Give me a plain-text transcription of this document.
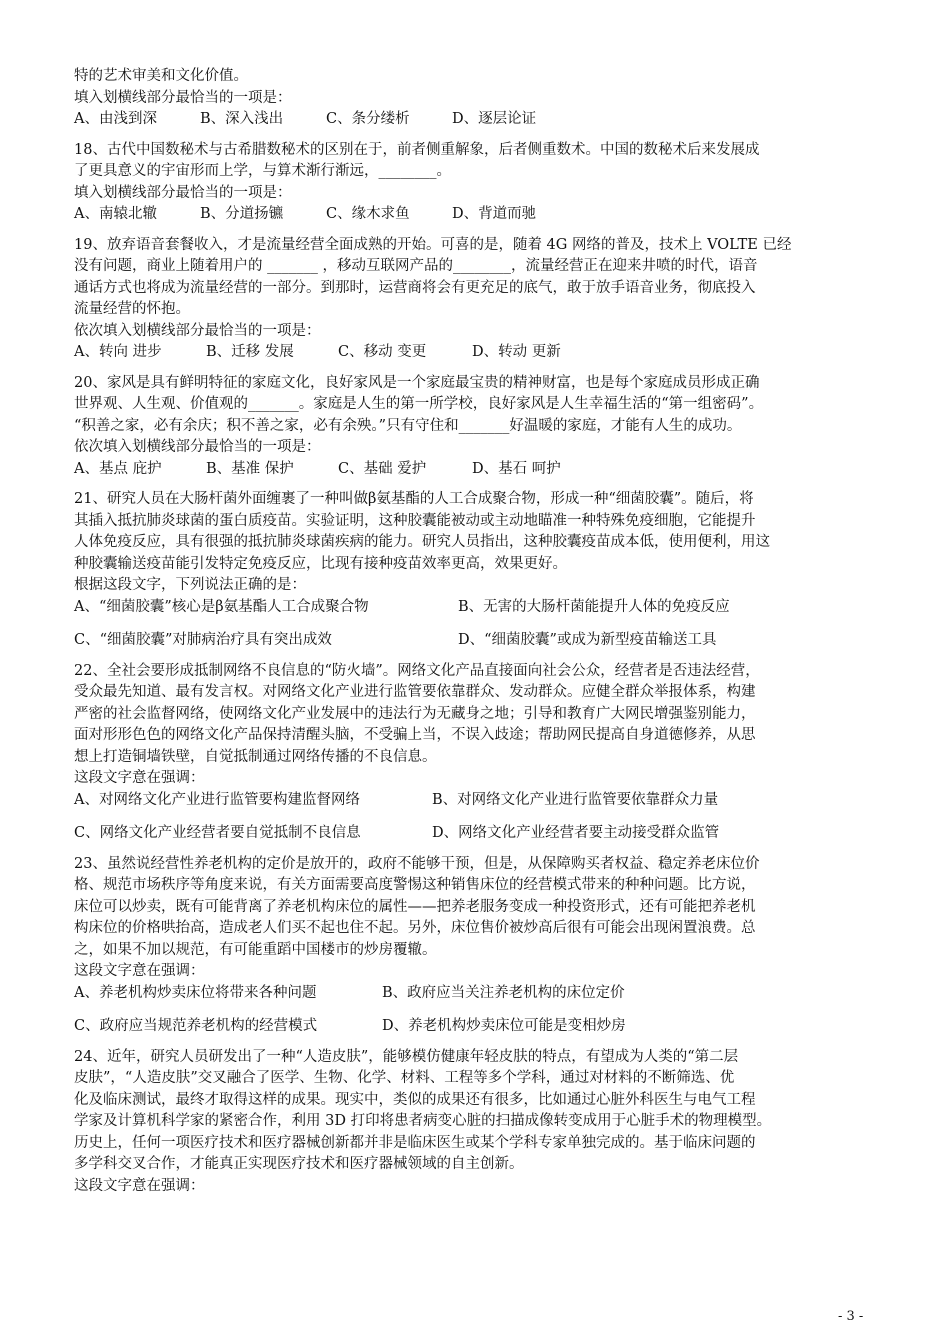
特的艺术审美和文化价值。
填入划横线部分最恰当的一项是：
A、由浅到深	B、深入浅出	C、条分缕析	D、逐层论证
18、古代中国数秘术与古希腊数秘术的区别在于，前者侧重解象，后者侧重数术。中国的数秘术后来发展成
了更具意义的宇宙形而上学，与算术渐行渐远，________。
填入划横线部分最恰当的一项是：
A、南辕北辙	B、分道扬镳	C、缘木求鱼	D、背道而驰
19、放弃语音套餐收入，才是流量经营全面成熟的开始。可喜的是，随着 4G 网络的普及，技术上 VOLTE 已经
没有问题，商业上随着用户的 _______ ，移动互联网产品的________，流量经营正在迎来井喷的时代，语音
通话方式也将成为流量经营的一部分。到那时，运营商将会有更充足的底气，敢于放手语音业务，彻底投入
流量经营的怀抱。
依次填入划横线部分最恰当的一项是：
A、转向 进步	B、迁移 发展	C、移动 变更	D、转动 更新
20、家风是具有鲜明特征的家庭文化，良好家风是一个家庭最宝贵的精神财富，也是每个家庭成员形成正确
世界观、人生观、价值观的_______。家庭是人生的第一所学校，良好家风是人生幸福生活的“第一组密码”。
“积善之家，必有余庆；积不善之家，必有余殃。”只有守住和_______好温暖的家庭，才能有人生的成功。
依次填入划横线部分最恰当的一项是：
A、基点 庇护	B、基准 保护	C、基础 爱护	D、基石 呵护
21、研究人员在大肠杆菌外面缠裹了一种叫做β氨基酯的人工合成聚合物，形成一种“细菌胶囊”。随后，将
其插入抵抗肺炎球菌的蛋白质疫苗。实验证明，这种胶囊能被动或主动地瞄准一种特殊免疫细胞，它能提升
人体免疫反应，具有很强的抵抗肺炎球菌疾病的能力。研究人员指出，这种胶囊疫苗成本低，使用便利，用这
种胶囊输送疫苗能引发特定免疫反应，比现有接种疫苗效率更高，效果更好。
根据这段文字，下列说法正确的是：
A、“细菌胶囊”核心是β氨基酯人工合成聚合物	B、无害的大肠杆菌能提升人体的免疫反应
C、“细菌胶囊”对肺病治疗具有突出成效	D、“细菌胶囊”或成为新型疫苗输送工具
22、全社会要形成抵制网络不良信息的“防火墙”。网络文化产品直接面向社会公众，经营者是否违法经营，
受众最先知道、最有发言权。对网络文化产业进行监管要依靠群众、发动群众。应健全群众举报体系，构建
严密的社会监督网络，使网络文化产业发展中的违法行为无藏身之地；引导和教育广大网民增强鉴别能力，
面对形形色色的网络文化产品保持清醒头脑，不受骗上当，不误入歧途；帮助网民提高自身道德修养，从思
想上打造铜墙铁壁，自觉抵制通过网络传播的不良信息。
这段文字意在强调：
A、对网络文化产业进行监管要构建监督网络	B、对网络文化产业进行监管要依靠群众力量
C、网络文化产业经营者要自觉抵制不良信息	D、网络文化产业经营者要主动接受群众监管
23、虽然说经营性养老机构的定价是放开的，政府不能够干预，但是，从保障购买者权益、稳定养老床位价
格、规范市场秩序等角度来说，有关方面需要高度警惕这种销售床位的经营模式带来的种种问题。比方说，
床位可以炒卖，既有可能背离了养老机构床位的属性——把养老服务变成一种投资形式，还有可能把养老机
构床位的价格哄抬高，造成老人们买不起也住不起。另外，床位售价被炒高后很有可能会出现闲置浪费。总
之，如果不加以规范，有可能重蹈中国楼市的炒房覆辙。
这段文字意在强调：
A、养老机构炒卖床位将带来各种问题	B、政府应当关注养老机构的床位定价
C、政府应当规范养老机构的经营模式	D、养老机构炒卖床位可能是变相炒房
24、近年，研究人员研发出了一种“人造皮肤”，能够模仿健康年轻皮肤的特点，有望成为人类的“第二层
皮肤”，“人造皮肤”交叉融合了医学、生物、化学、材料、工程等多个学科，通过对材料的不断筛选、优
化及临床测试，最终才取得这样的成果。现实中，类似的成果还有很多，比如通过心脏外科医生与电气工程
学家及计算机科学家的紧密合作，利用 3D 打印将患者病变心脏的扫描成像转变成用于心脏手术的物理模型。
历史上，任何一项医疗技术和医疗器械创新都并非是临床医生或某个学科专家单独完成的。基于临床问题的
多学科交叉合作，才能真正实现医疗技术和医疗器械领域的自主创新。
这段文字意在强调：
- 3 -
